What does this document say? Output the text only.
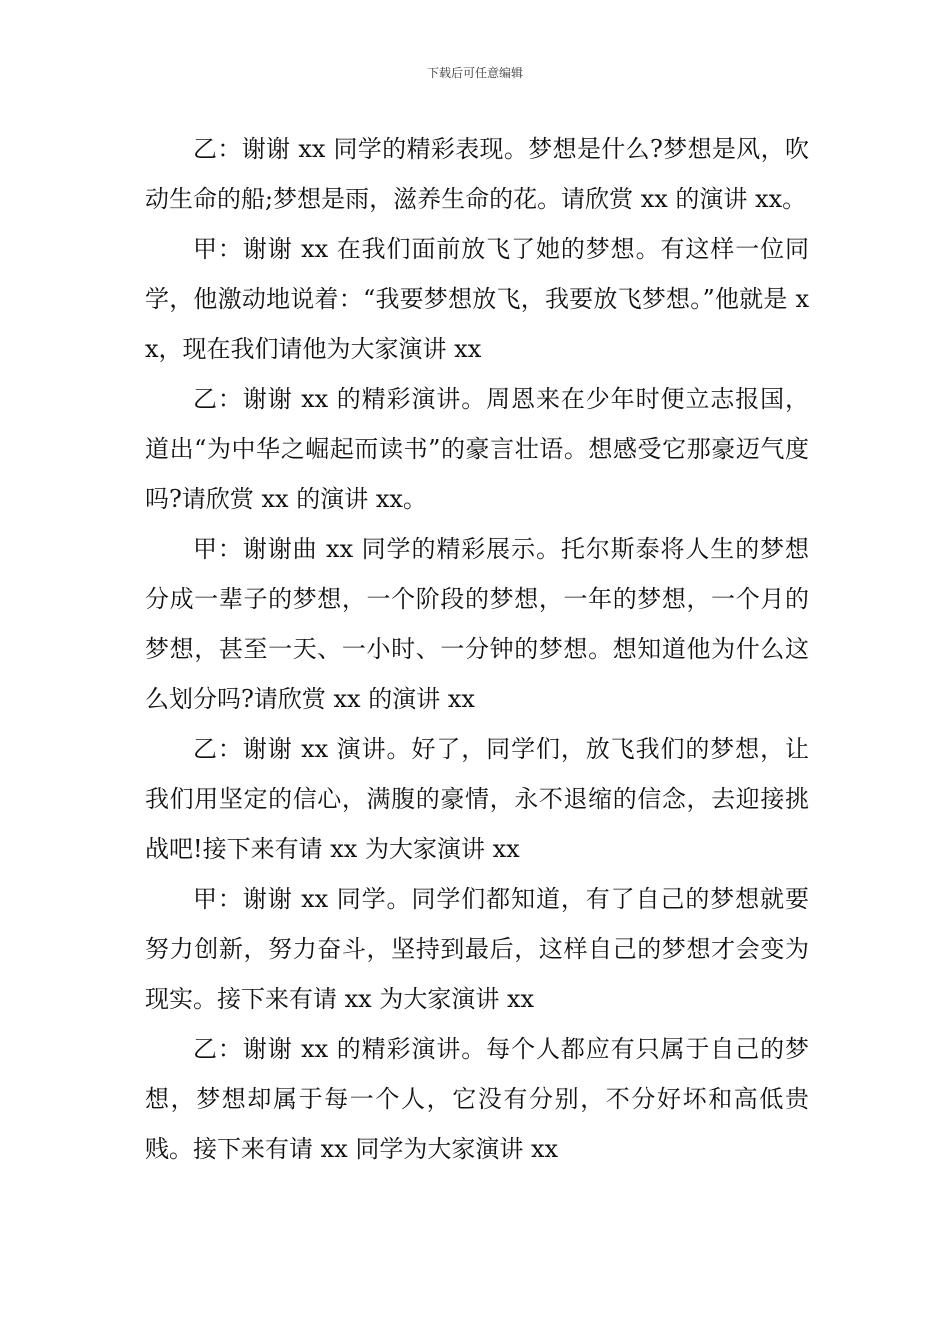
下载后可任意编辑

乙：谢谢 xx 同学的精彩表现。梦想是什么?梦想是风，吹动生命的船;梦想是雨，滋养生命的花。请欣赏 xx 的演讲 xx。

甲：谢谢 xx 在我们面前放飞了她的梦想。有这样一位同学，他激动地说着：“我要梦想放飞，我要放飞梦想。”他就是 xx，现在我们请他为大家演讲 xx

乙：谢谢 xx 的精彩演讲。周恩来在少年时便立志报国，道出“为中华之崛起而读书”的豪言壮语。想感受它那豪迈气度吗?请欣赏 xx 的演讲 xx。

甲：谢谢曲 xx 同学的精彩展示。托尔斯泰将人生的梦想分成一辈子的梦想，一个阶段的梦想，一年的梦想，一个月的梦想，甚至一天、一小时、一分钟的梦想。想知道他为什么这么划分吗?请欣赏 xx 的演讲 xx

乙：谢谢 xx 演讲。好了，同学们，放飞我们的梦想，让我们用坚定的信心，满腹的豪情，永不退缩的信念，去迎接挑战吧!接下来有请 xx 为大家演讲 xx

甲：谢谢 xx 同学。同学们都知道，有了自己的梦想就要努力创新，努力奋斗，坚持到最后，这样自己的梦想才会变为现实。接下来有请 xx 为大家演讲 xx

乙：谢谢 xx 的精彩演讲。每个人都应有只属于自己的梦想，梦想却属于每一个人，它没有分别，不分好坏和高低贵贱。接下来有请 xx 同学为大家演讲 xx
